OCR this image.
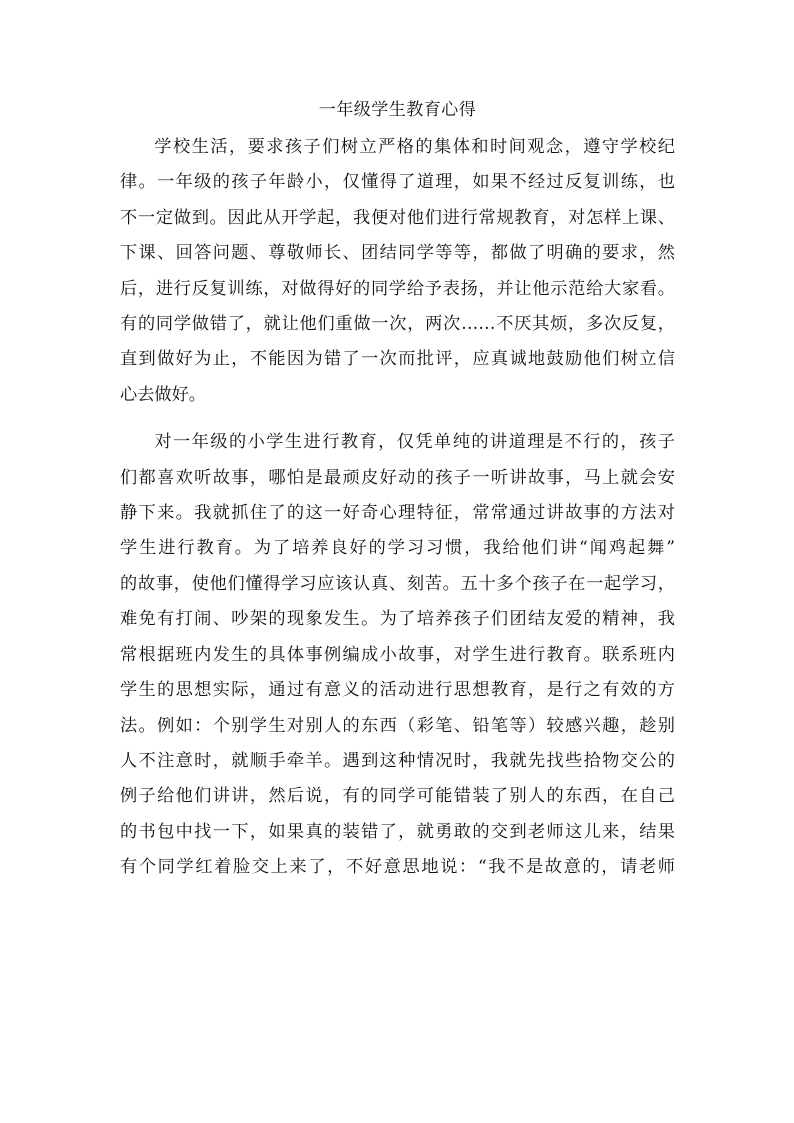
一年级学生教育心得
学校生活，要求孩子们树立严格的集体和时间观念，遵守学校纪
律。一年级的孩子年龄小，仅懂得了道理，如果不经过反复训练，也
不一定做到。因此从开学起，我便对他们进行常规教育，对怎样上课、
下课、回答问题、尊敬师长、团结同学等等，都做了明确的要求，然
后，进行反复训练，对做得好的同学给予表扬，并让他示范给大家看。
有的同学做错了，就让他们重做一次，两次……不厌其烦，多次反复，
直到做好为止，不能因为错了一次而批评，应真诚地鼓励他们树立信
心去做好。
对一年级的小学生进行教育，仅凭单纯的讲道理是不行的，孩子
们都喜欢听故事，哪怕是最顽皮好动的孩子一听讲故事，马上就会安
静下来。我就抓住了的这一好奇心理特征，常常通过讲故事的方法对
学生进行教育。为了培养良好的学习习惯，我给他们讲“闻鸡起舞”
的故事，使他们懂得学习应该认真、刻苦。五十多个孩子在一起学习，
难免有打闹、吵架的现象发生。为了培养孩子们团结友爱的精神，我
常根据班内发生的具体事例编成小故事，对学生进行教育。联系班内
学生的思想实际，通过有意义的活动进行思想教育，是行之有效的方
法。例如：个别学生对别人的东西（彩笔、铅笔等）较感兴趣，趁别
人不注意时，就顺手牵羊。遇到这种情况时，我就先找些拾物交公的
例子给他们讲讲，然后说，有的同学可能错装了别人的东西，在自己
的书包中找一下，如果真的装错了，就勇敢的交到老师这儿来，结果
有个同学红着脸交上来了，不好意思地说：“我不是故意的，请老师
